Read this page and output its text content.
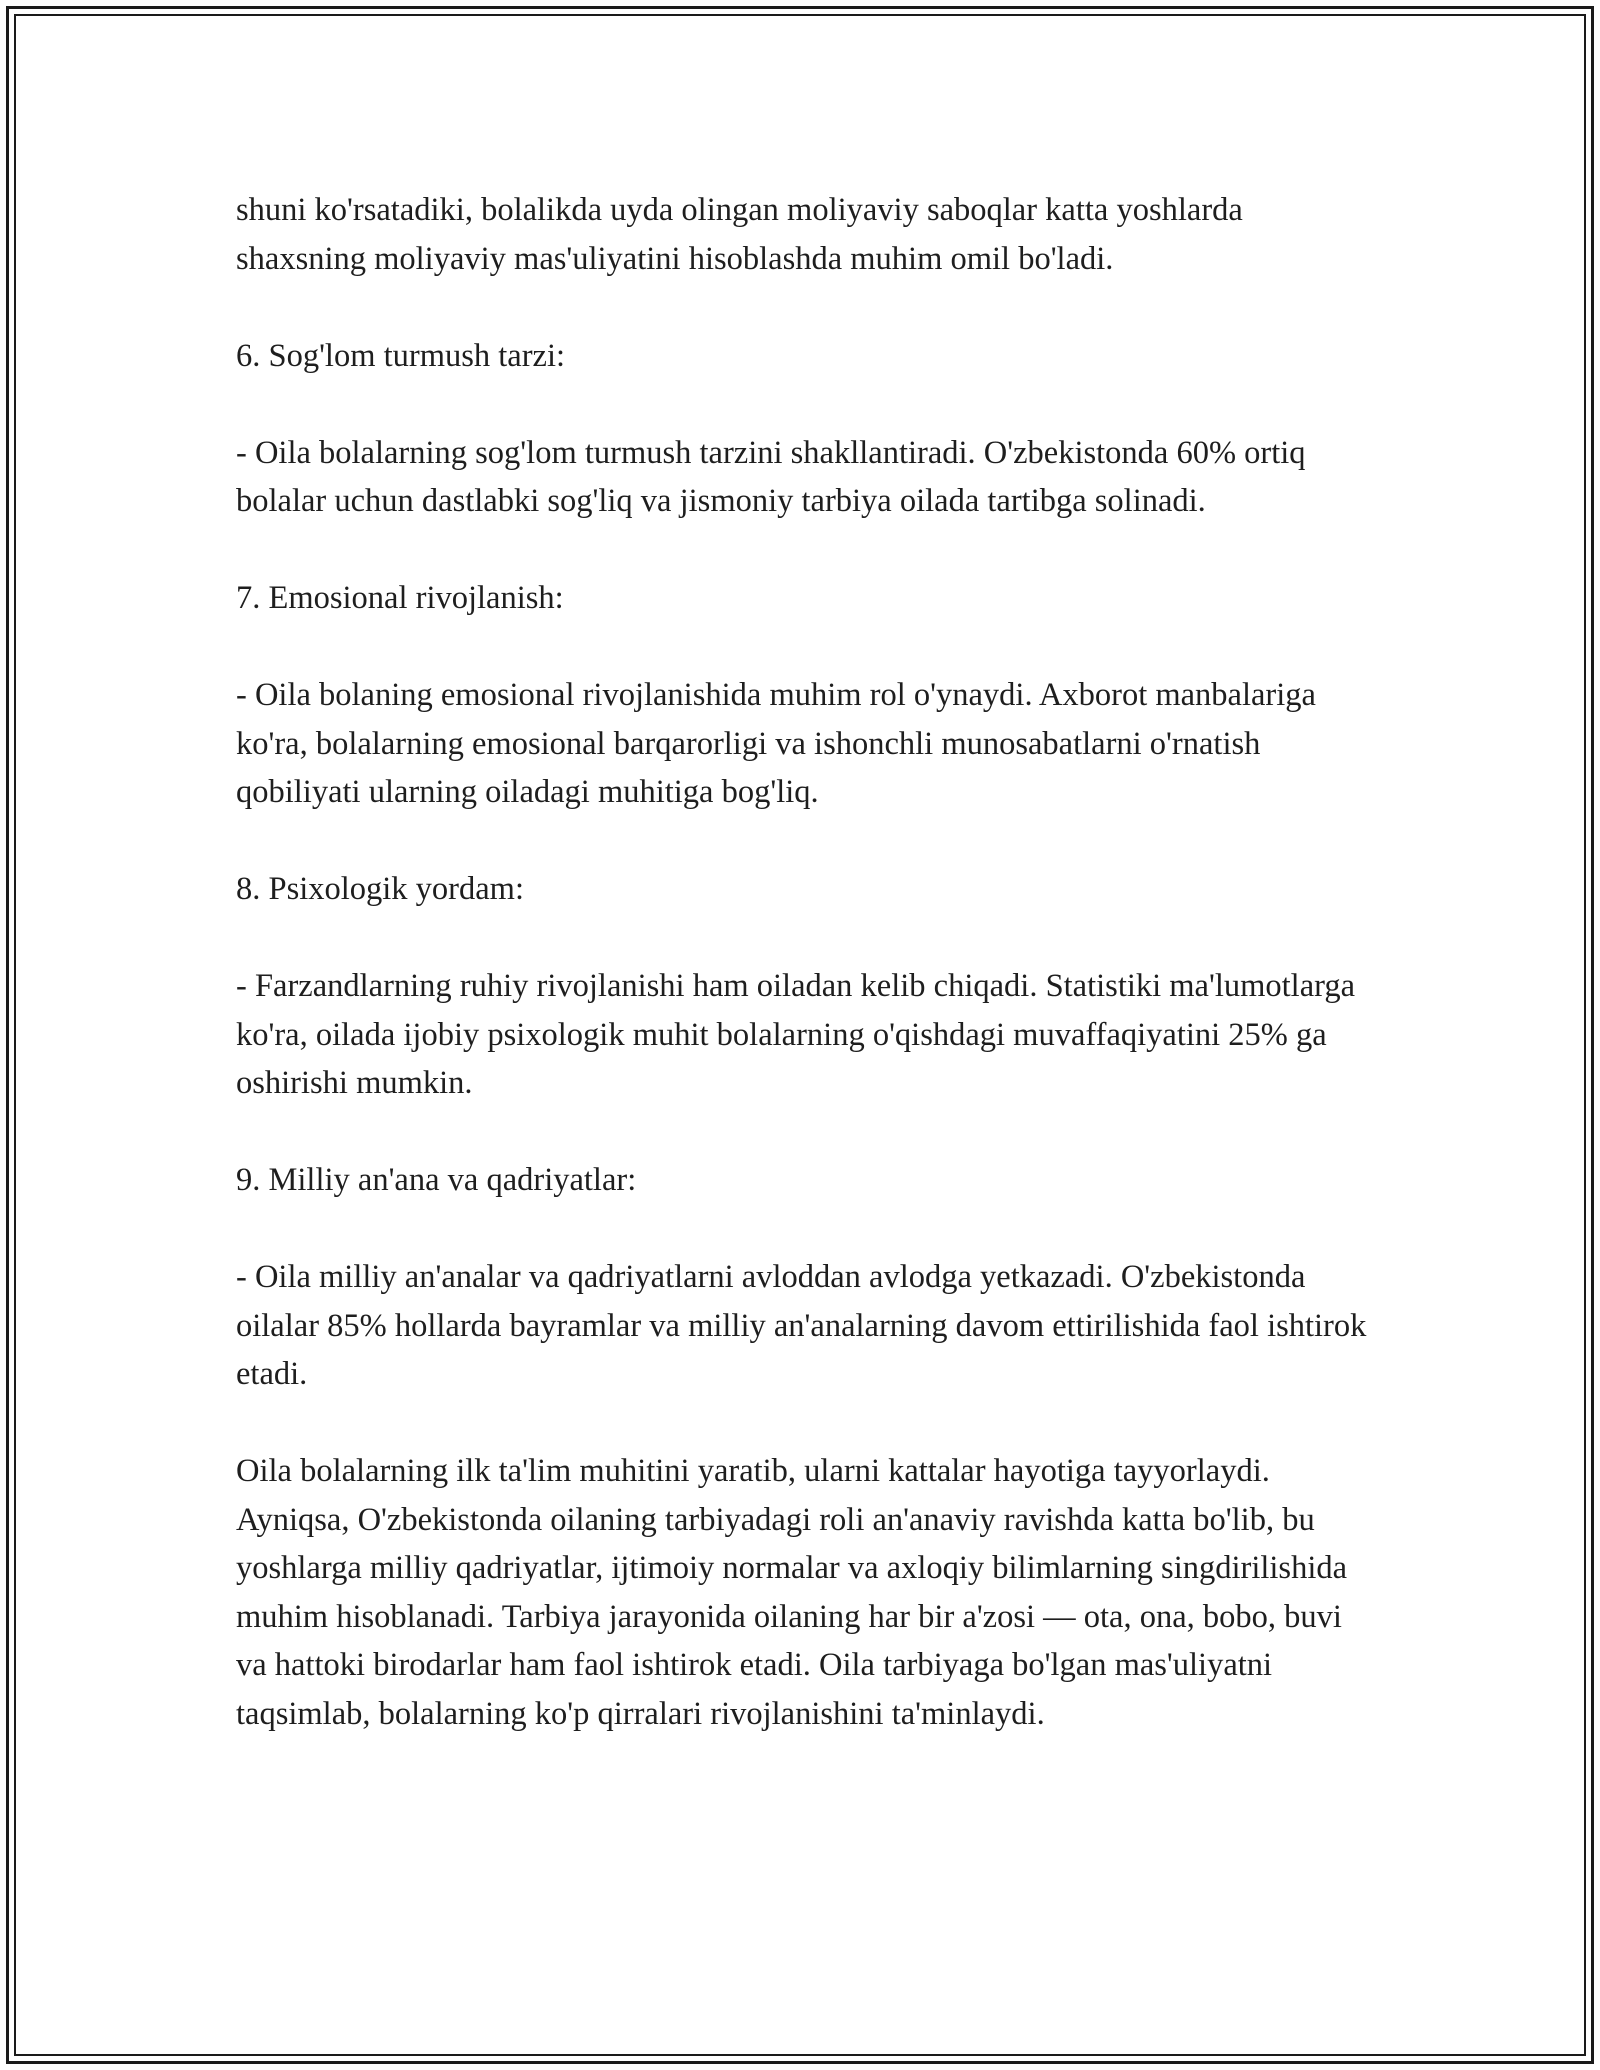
shuni ko'rsatadiki, bolalikda uyda olingan moliyaviy saboqlar katta yoshlarda shaxsning moliyaviy mas'uliyatini hisoblashda muhim omil bo'ladi.

6. Sog'lom turmush tarzi:

- Oila bolalarning sog'lom turmush tarzini shakllantiradi. O'zbekistonda 60% ortiq bolalar uchun dastlabki sog'liq va jismoniy tarbiya oilada tartibga solinadi.

7. Emosional rivojlanish:

- Oila bolaning emosional rivojlanishida muhim rol o'ynaydi. Axborot manbalariga ko'ra, bolalarning emosional barqarorligi va ishonchli munosabatlarni o'rnatish qobiliyati ularning oiladagi muhitiga bog'liq.

8. Psixologik yordam:

- Farzandlarning ruhiy rivojlanishi ham oiladan kelib chiqadi. Statistiki ma'lumotlarga ko'ra, oilada ijobiy psixologik muhit bolalarning o'qishdagi muvaffaqiyatini 25% ga oshirishi mumkin.

9. Milliy an'ana va qadriyatlar:

- Oila milliy an'analar va qadriyatlarni avloddan avlodga yetkazadi. O'zbekistonda oilalar 85% hollarda bayramlar va milliy an'analarning davom ettirilishida faol ishtirok etadi.

Oila bolalarning ilk ta'lim muhitini yaratib, ularni kattalar hayotiga tayyorlaydi. Ayniqsa, O'zbekistonda oilaning tarbiyadagi roli an'anaviy ravishda katta bo'lib, bu yoshlarga milliy qadriyatlar, ijtimoiy normalar va axloqiy bilimlarning singdirilishida muhim hisoblanadi. Tarbiya jarayonida oilaning har bir a'zosi — ota, ona, bobo, buvi va hattoki birodarlar ham faol ishtirok etadi. Oila tarbiyaga bo'lgan mas'uliyatni taqsimlab, bolalarning ko'p qirralari rivojlanishini ta'minlaydi.
